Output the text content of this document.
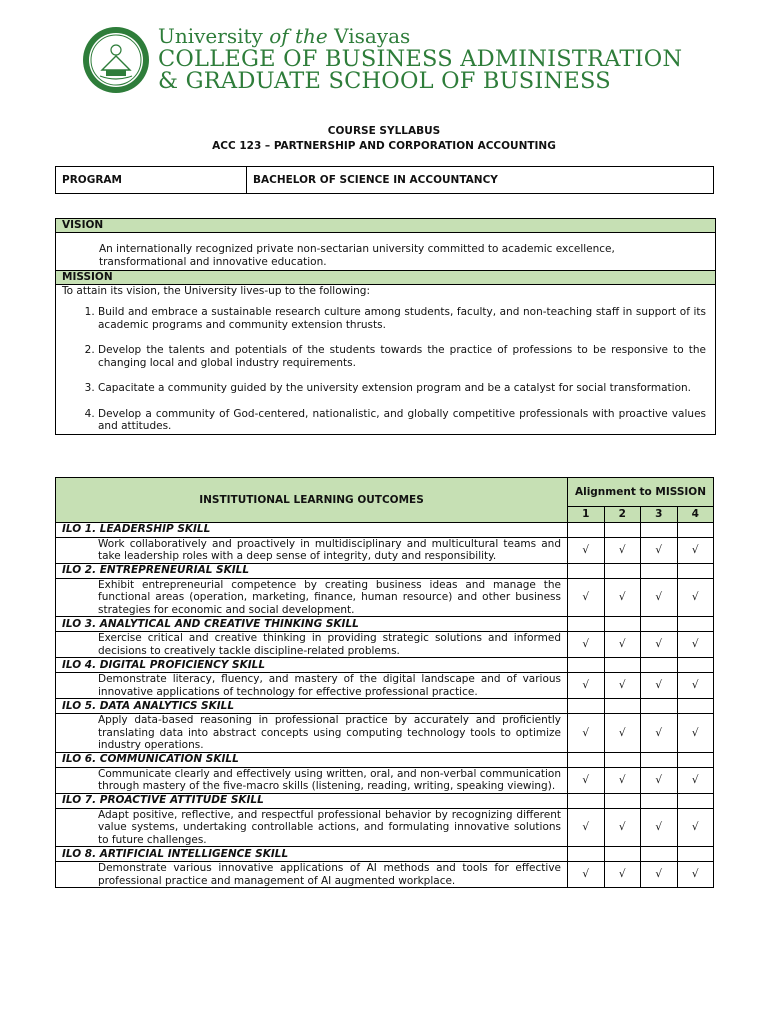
University of the Visayas
COLLEGE OF BUSINESS ADMINISTRATION
& GRADUATE SCHOOL OF BUSINESS
COURSE SYLLABUS
ACC 123 – PARTNERSHIP AND CORPORATION ACCOUNTING
PROGRAM	BACHELOR OF SCIENCE IN ACCOUNTANCY
VISION
An internationally recognized private non-sectarian university committed to academic excellence, transformational and innovative education.
MISSION
To attain its vision, the University lives-up to the following:
1. Build and embrace a sustainable research culture among students, faculty, and non-teaching staff in support of its academic programs and community extension thrusts.
2. Develop the talents and potentials of the students towards the practice of professions to be responsive to the changing local and global industry requirements.
3. Capacitate a community guided by the university extension program and be a catalyst for social transformation.
4. Develop a community of God-centered, nationalistic, and globally competitive professionals with proactive values and attitudes.
INSTITUTIONAL LEARNING OUTCOMES	Alignment to MISSION			
	1	2	3	4
ILO 1. LEADERSHIP SKILL				
Work collaboratively and proactively in multidisciplinary and multicultural teams and take leadership roles with a deep sense of integrity, duty and responsibility.	√	√	√	√
ILO 2. ENTREPRENEURIAL SKILL				
Exhibit entrepreneurial competence by creating business ideas and manage the functional areas (operation, marketing, finance, human resource) and other business strategies for economic and social development.	√	√	√	√
ILO 3. ANALYTICAL AND CREATIVE THINKING SKILL				
Exercise critical and creative thinking in providing strategic solutions and informed decisions to creatively tackle discipline-related problems.	√	√	√	√
ILO 4. DIGITAL PROFICIENCY SKILL				
Demonstrate literacy, fluency, and mastery of the digital landscape and of various innovative applications of technology for effective professional practice.	√	√	√	√
ILO 5. DATA ANALYTICS SKILL				
Apply data-based reasoning in professional practice by accurately and proficiently translating data into abstract concepts using computing technology tools to optimize industry operations.	√	√	√	√
ILO 6. COMMUNICATION SKILL				
Communicate clearly and effectively using written, oral, and non-verbal communication through mastery of the five-macro skills (listening, reading, writing, speaking viewing).	√	√	√	√
ILO 7. PROACTIVE ATTITUDE SKILL				
Adapt positive, reflective, and respectful professional behavior by recognizing different value systems, undertaking controllable actions, and formulating innovative solutions to future challenges.	√	√	√	√
ILO 8. ARTIFICIAL INTELLIGENCE SKILL				
Demonstrate various innovative applications of AI methods and tools for effective professional practice and management of AI augmented workplace.	√	√	√	√
